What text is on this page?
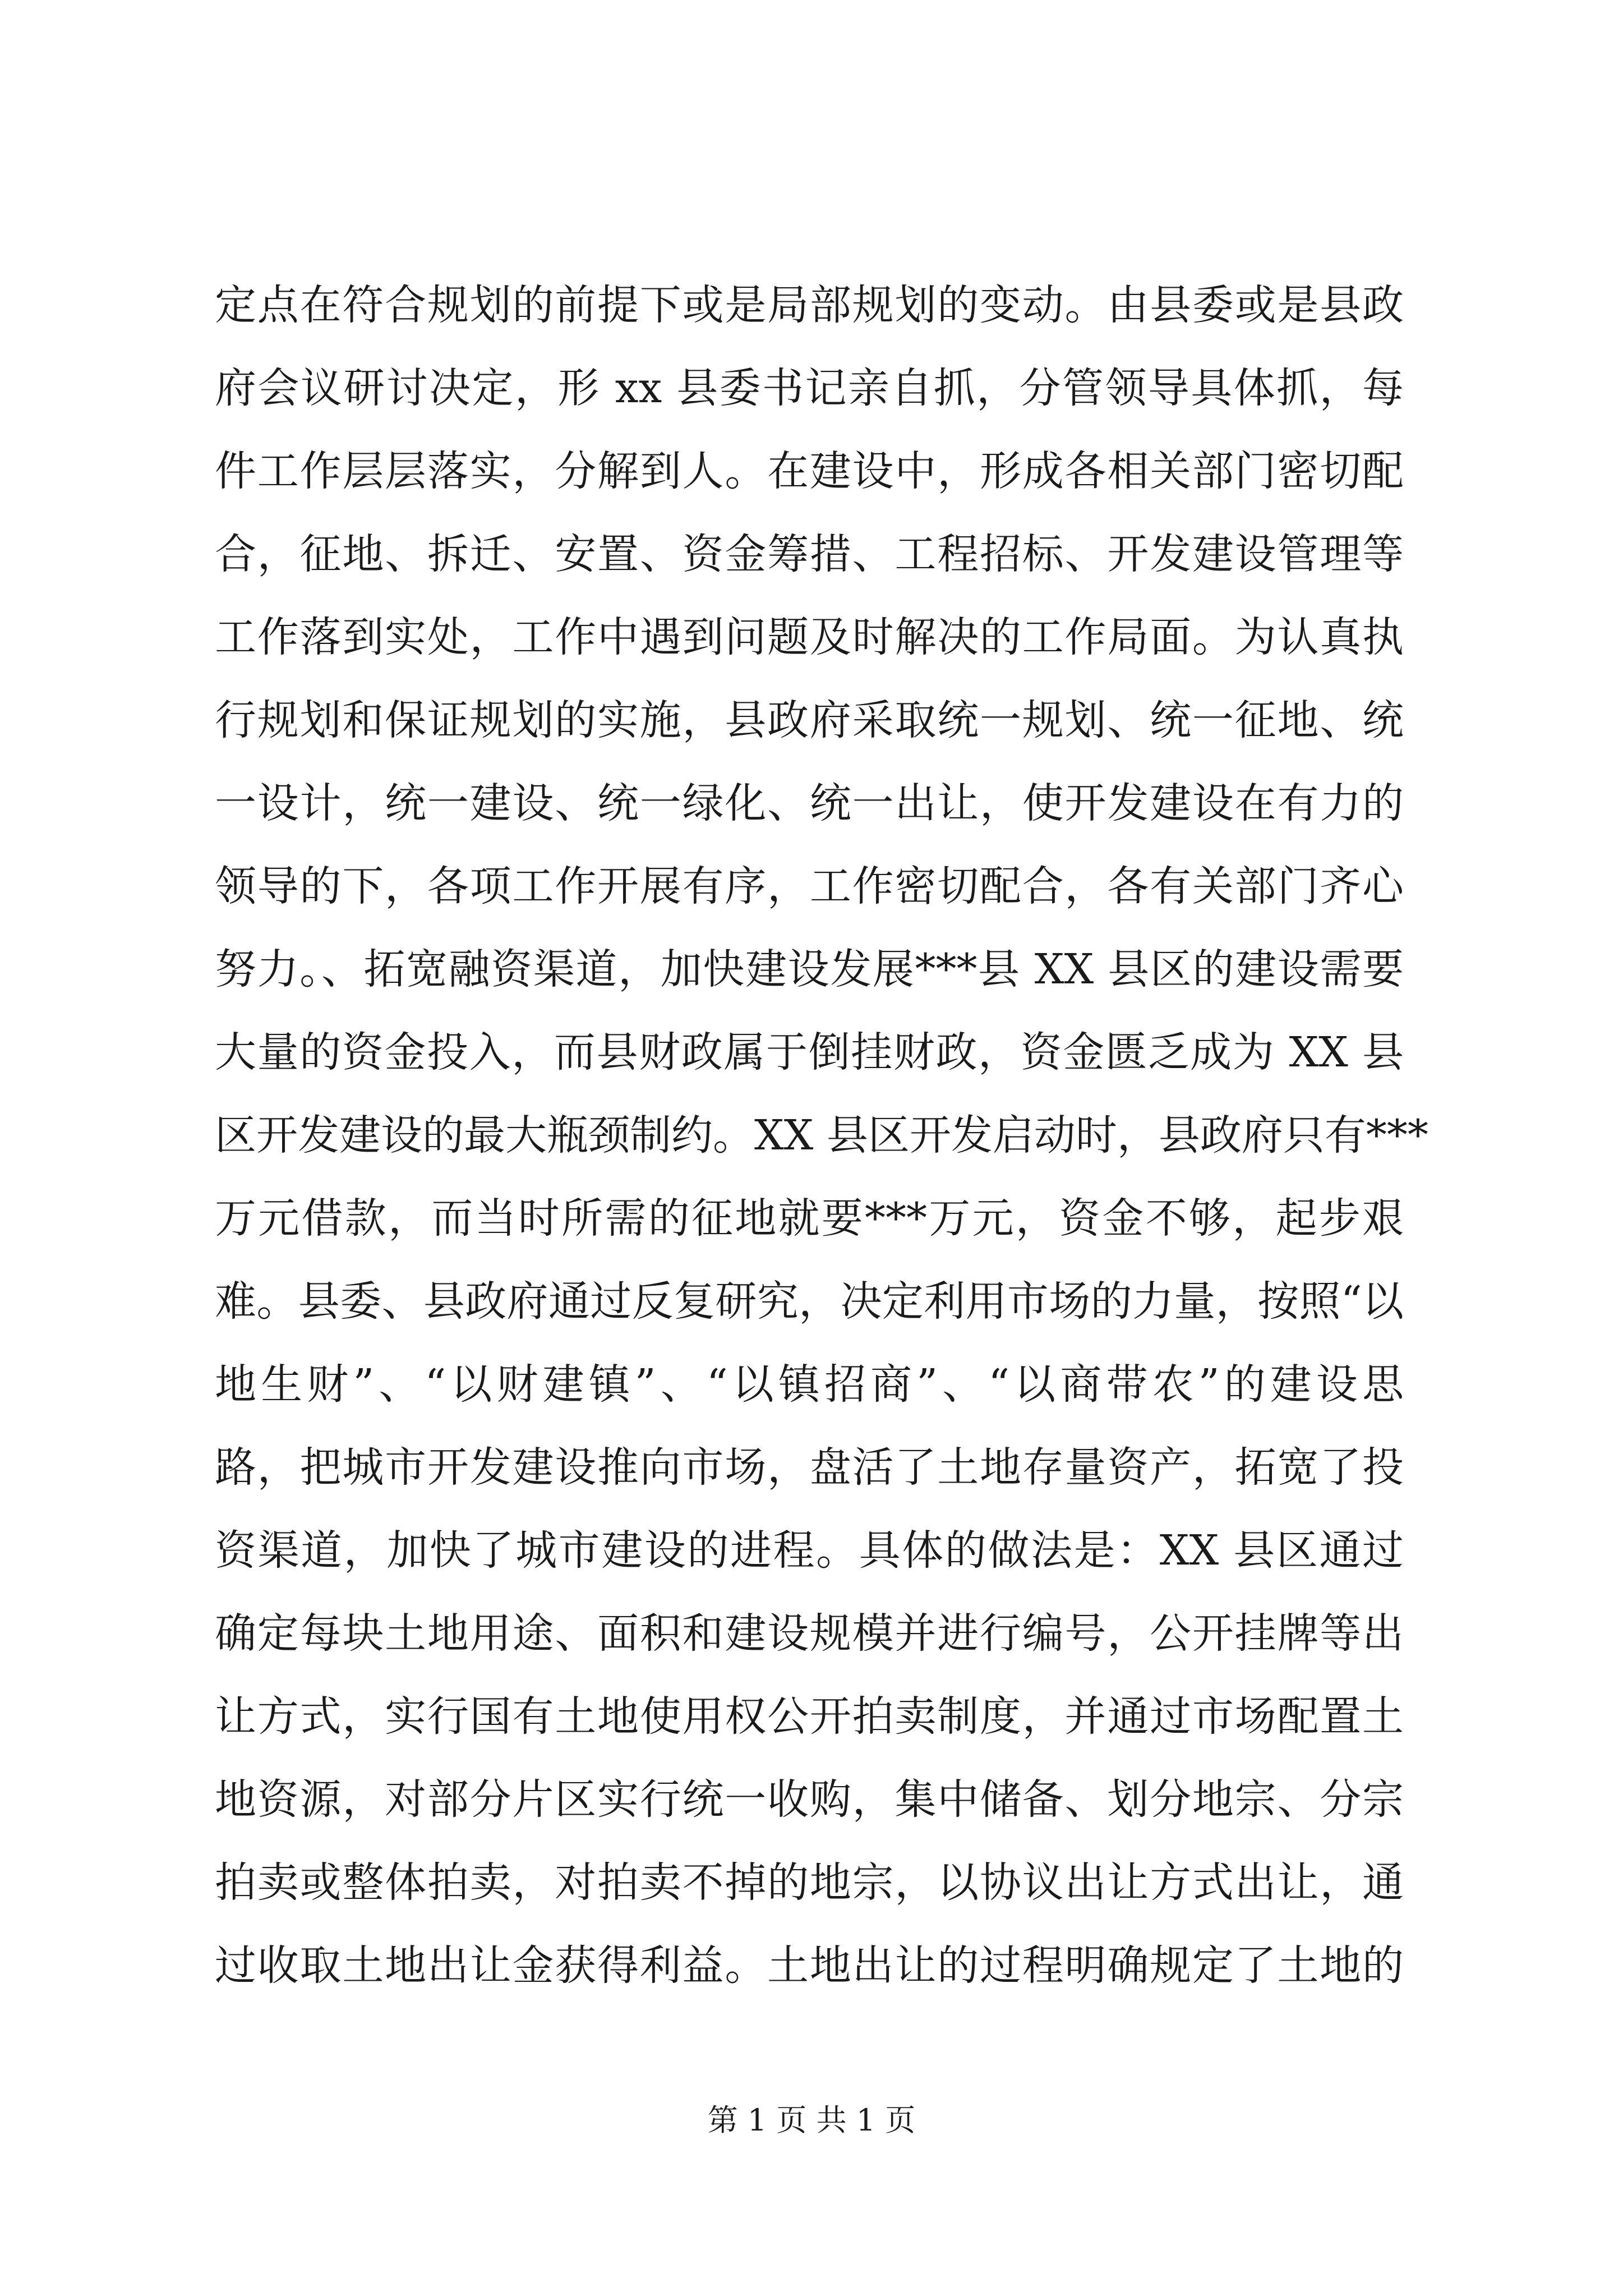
定点在符合规划的前提下或是局部规划的变动。由县委或是县政
府会议研讨决定，形 xx 县委书记亲自抓，分管领导具体抓，每
件工作层层落实，分解到人。在建设中，形成各相关部门密切配
合，征地、拆迁、安置、资金筹措、工程招标、开发建设管理等
工作落到实处，工作中遇到问题及时解决的工作局面。为认真执
行规划和保证规划的实施，县政府采取统一规划、统一征地、统
一设计，统一建设、统一绿化、统一出让，使开发建设在有力的
领导的下，各项工作开展有序，工作密切配合，各有关部门齐心
努力。、拓宽融资渠道，加快建设发展***县 XX 县区的建设需要
大量的资金投入，而县财政属于倒挂财政，资金匮乏成为 XX 县
区开发建设的最大瓶颈制约。XX 县区开发启动时，县政府只有***
万元借款，而当时所需的征地就要***万元，资金不够，起步艰
难。县委、县政府通过反复研究，决定利用市场的力量，按照“以
地生财”、“以财建镇”、“以镇招商”、“以商带农”的建设思
路，把城市开发建设推向市场，盘活了土地存量资产，拓宽了投
资渠道，加快了城市建设的进程。具体的做法是：XX 县区通过
确定每块土地用途、面积和建设规模并进行编号，公开挂牌等出
让方式，实行国有土地使用权公开拍卖制度，并通过市场配置土
地资源，对部分片区实行统一收购，集中储备、划分地宗、分宗
拍卖或整体拍卖，对拍卖不掉的地宗，以协议出让方式出让，通
过收取土地出让金获得利益。土地出让的过程明确规定了土地的
第 1 页 共 1 页
